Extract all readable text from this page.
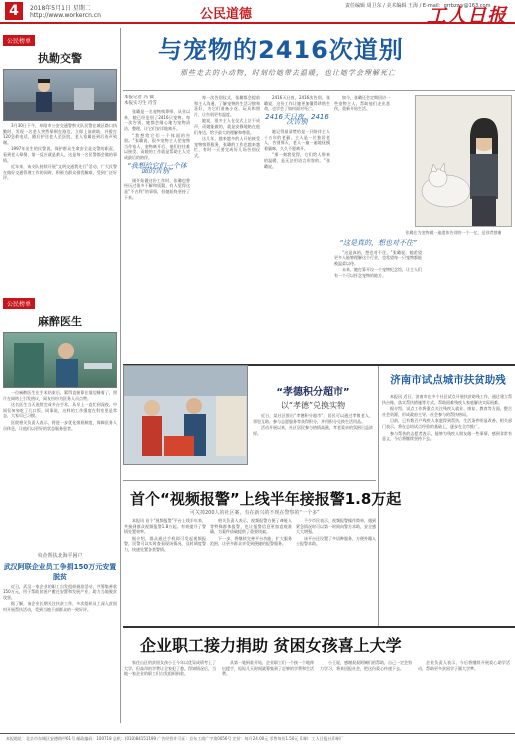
4	2018年5月1日 星期二
http://www.workercn.cn	公民道德
责任编辑 周卫东 / 美术编辑 王海 / E-mail：grrbzwy@163.com
工人日报
公民榜单
执勤交警

3月30日下午，阜阳市公安交通警察支队民警在城区路口执勤时，发现一名老人突然晕倒在路边，立即上前救助，并拨打120急救电话，随后护送老人至医院，老人家属赶到后连声致谢。

1997年出生的民警说，保护群众生命安全是交警的职责，看到老人晕倒，第一反应就是救人，这是每一名民警都会做的事情。

近年来，该支队持续开展“文明交通我先行”活动，广大民警在做好交通管理工作的同时，积极为群众排忧解难，受到广泛好评。

公民榜单
麻醉医生

一位麻醉医生在手术结束后，累得直接靠在墙边睡着了，照片在网络上引发热议，网友纷纷为医务人员点赞。

这名医生当天连续完成多台手术，从早上一直忙到深夜，中间仅匆匆吃了几口饭。同事说，这样的工作强度在科室里是常态，大家早已习惯。

医院相关负责人表示，将进一步优化排班制度，保障医务人员休息，让他们以更好的状态服务患者。

央企帮扶北海平困户
武汉阿联企业员工争捐150万元安置脱贫

近日，武汉一家企业的职工自发组织捐款活动，共筹集善款150万元，用于帮助贫困户搬迁安置和发展产业，助力当地脱贫攻坚。

据了解，该企业长期关注扶贫工作，多次组织员工深入贫困村开展帮扶活动，受到当地干部群众的一致好评。

与宠物的2416次道别
那些走去的小动物，时刻给她带去温暖，也让她学会理解死亡
本报记者 冯 钺
本报实习生 肖雪

张璐是一名宠物殡葬师，从业以来，她已经送别了2416只宠物。每一次告别，她都会细心地为宠物清洁、整理，让它们安详地离开。

“我想给它们一个体面的告别。”张璐说，很多宠物主人把宠物当作家人，宠物离开后，他们往往难以接受，而她的工作就是帮助主人完成最后的陪伴。

“我想给它们一个体面的告别”

刚开始做这份工作时，张璐也曾经历过很多不解和质疑，有人觉得这是“不吉利”的事情，但她始终坚持了下来。

每一次告别仪式，张璐都会提前和主人沟通，了解宠物的生活习惯和喜好，为它们准备小花、玩具和照片，让告别更有温度。

她说，很多主人在仪式上泣不成声，而她能做的，就是安静地陪在他们身边，给予最大的理解和尊重。

这几年，越来越多的人开始接受宠物殡葬服务，张璐的工作也越来越忙，有时一天要完成好几场告别仪式。

2416天日夜，2416次告别，张璐说，这份工作让她更加懂得珍惜生命，也学会了如何面对死亡。

2416天日夜，2416次告别

她记得最清楚的是一只陪伴主人十五年的老猫，主人是一位独居老人，告别那天，老人一遍一遍地抚摸着猫咪，久久不愿离开。

“那一刻我觉得，它们给人带来的温暖，是无法用语言形容的。”张璐说。

如今，张璐还会定期回访一些宠物主人，帮助他们走出悲伤，重新开始生活。

张璐在为宠物做一遍遗体告别的一个一亿，送别者感谢
“这是真的，想也对不住”

“这是真的，想也对不住。”张璐说，她希望更多人能够理解这个行业，也希望每一只宠物都能被温柔以待。

未来，她打算开设一个宠物纪念馆，让主人们有一个可以怀念宠物的地方。

“孝德积分超市”
以“孝德”兑换实物

近日，某社区推出“孝德积分超市”，居民可以通过孝敬老人、邻里互助、参与志愿服务等获得积分，并用积分兑换生活用品。

活动开展以来，社区居民参与热情高涨，孝老爱亲的氛围日益浓厚。

济南市试点城市扶贫助残

本报讯 近日，济南市在多个社区试点开展扶贫助残工作，通过建立帮扶台账、落实帮扶措施等方式，帮助困难残疾人家庭解决实际困难。

据介绍，试点工作将重点关注残疾人就业、康复、教育等方面，整合社会资源，形成政府主导、社会参与的帮扶格局。

目前，已有数百户残疾人家庭得到帮扶，生活条件明显改善。相关部门表示，将在总结试点经验的基础上，逐步在全市推广。

参与帮扶的志愿者表示，能够为残疾人朋友做一些事情，感到非常有意义，今后将继续坚持下去。

首个“视频报警”上线半年接报警1.8万起
可关掉200人的社区案，有在新兴的不现在警察的“一个多”

本报讯 首个“视频报警”平台上线半年来，共接到群众视频报警1.8万起，有效提升了警情处置效率。

据介绍，群众通过手机即可发起视频报警，民警可以实时查看现场情况，及时调度警力，快速处置各类警情。

相关负责人表示，视频报警方便了聋哑人等特殊群体报警，也让报警信息更加直观准确，为案件侦破提供了重要线索。

下一步，将继续完善平台功能，扩大服务范围，让更多群众享受到便捷的报警服务。

不少市民表示，视频报警操作简单，遇到紧急情况时可以第一时间向警方求助，安全感大大增强。

该平台还设置了多语种服务，方便外籍人士报警求助。

企业职工接力捐助 贫困女孩喜上大学

家住山区的贫困女孩小王今年以优异成绩考上了大学，但高昂的学费让全家犯了愁。得知情况后，当地一家企业的职工们自发组织捐款。

从第一笔捐款开始，企业职工们一个接一个地伸出援手，短短几天时间就筹集到了足够的学费和生活费。

小王说，感谢叔叔阿姨们的帮助，自己一定会努力学习，将来回报社会，把这份爱心传递下去。

企业负责人表示，今后将继续开展爱心助学活动，帮助更多贫困学子圆大学梦。

本报地址：北京市东城区安德路甲61号 邮政编码：100718 总机：(010)84151199 广告经营许可证：京东工商广字第0056号 定价：每月24.00元 零售每份1.50元 印刷：工人日报社印刷厂
